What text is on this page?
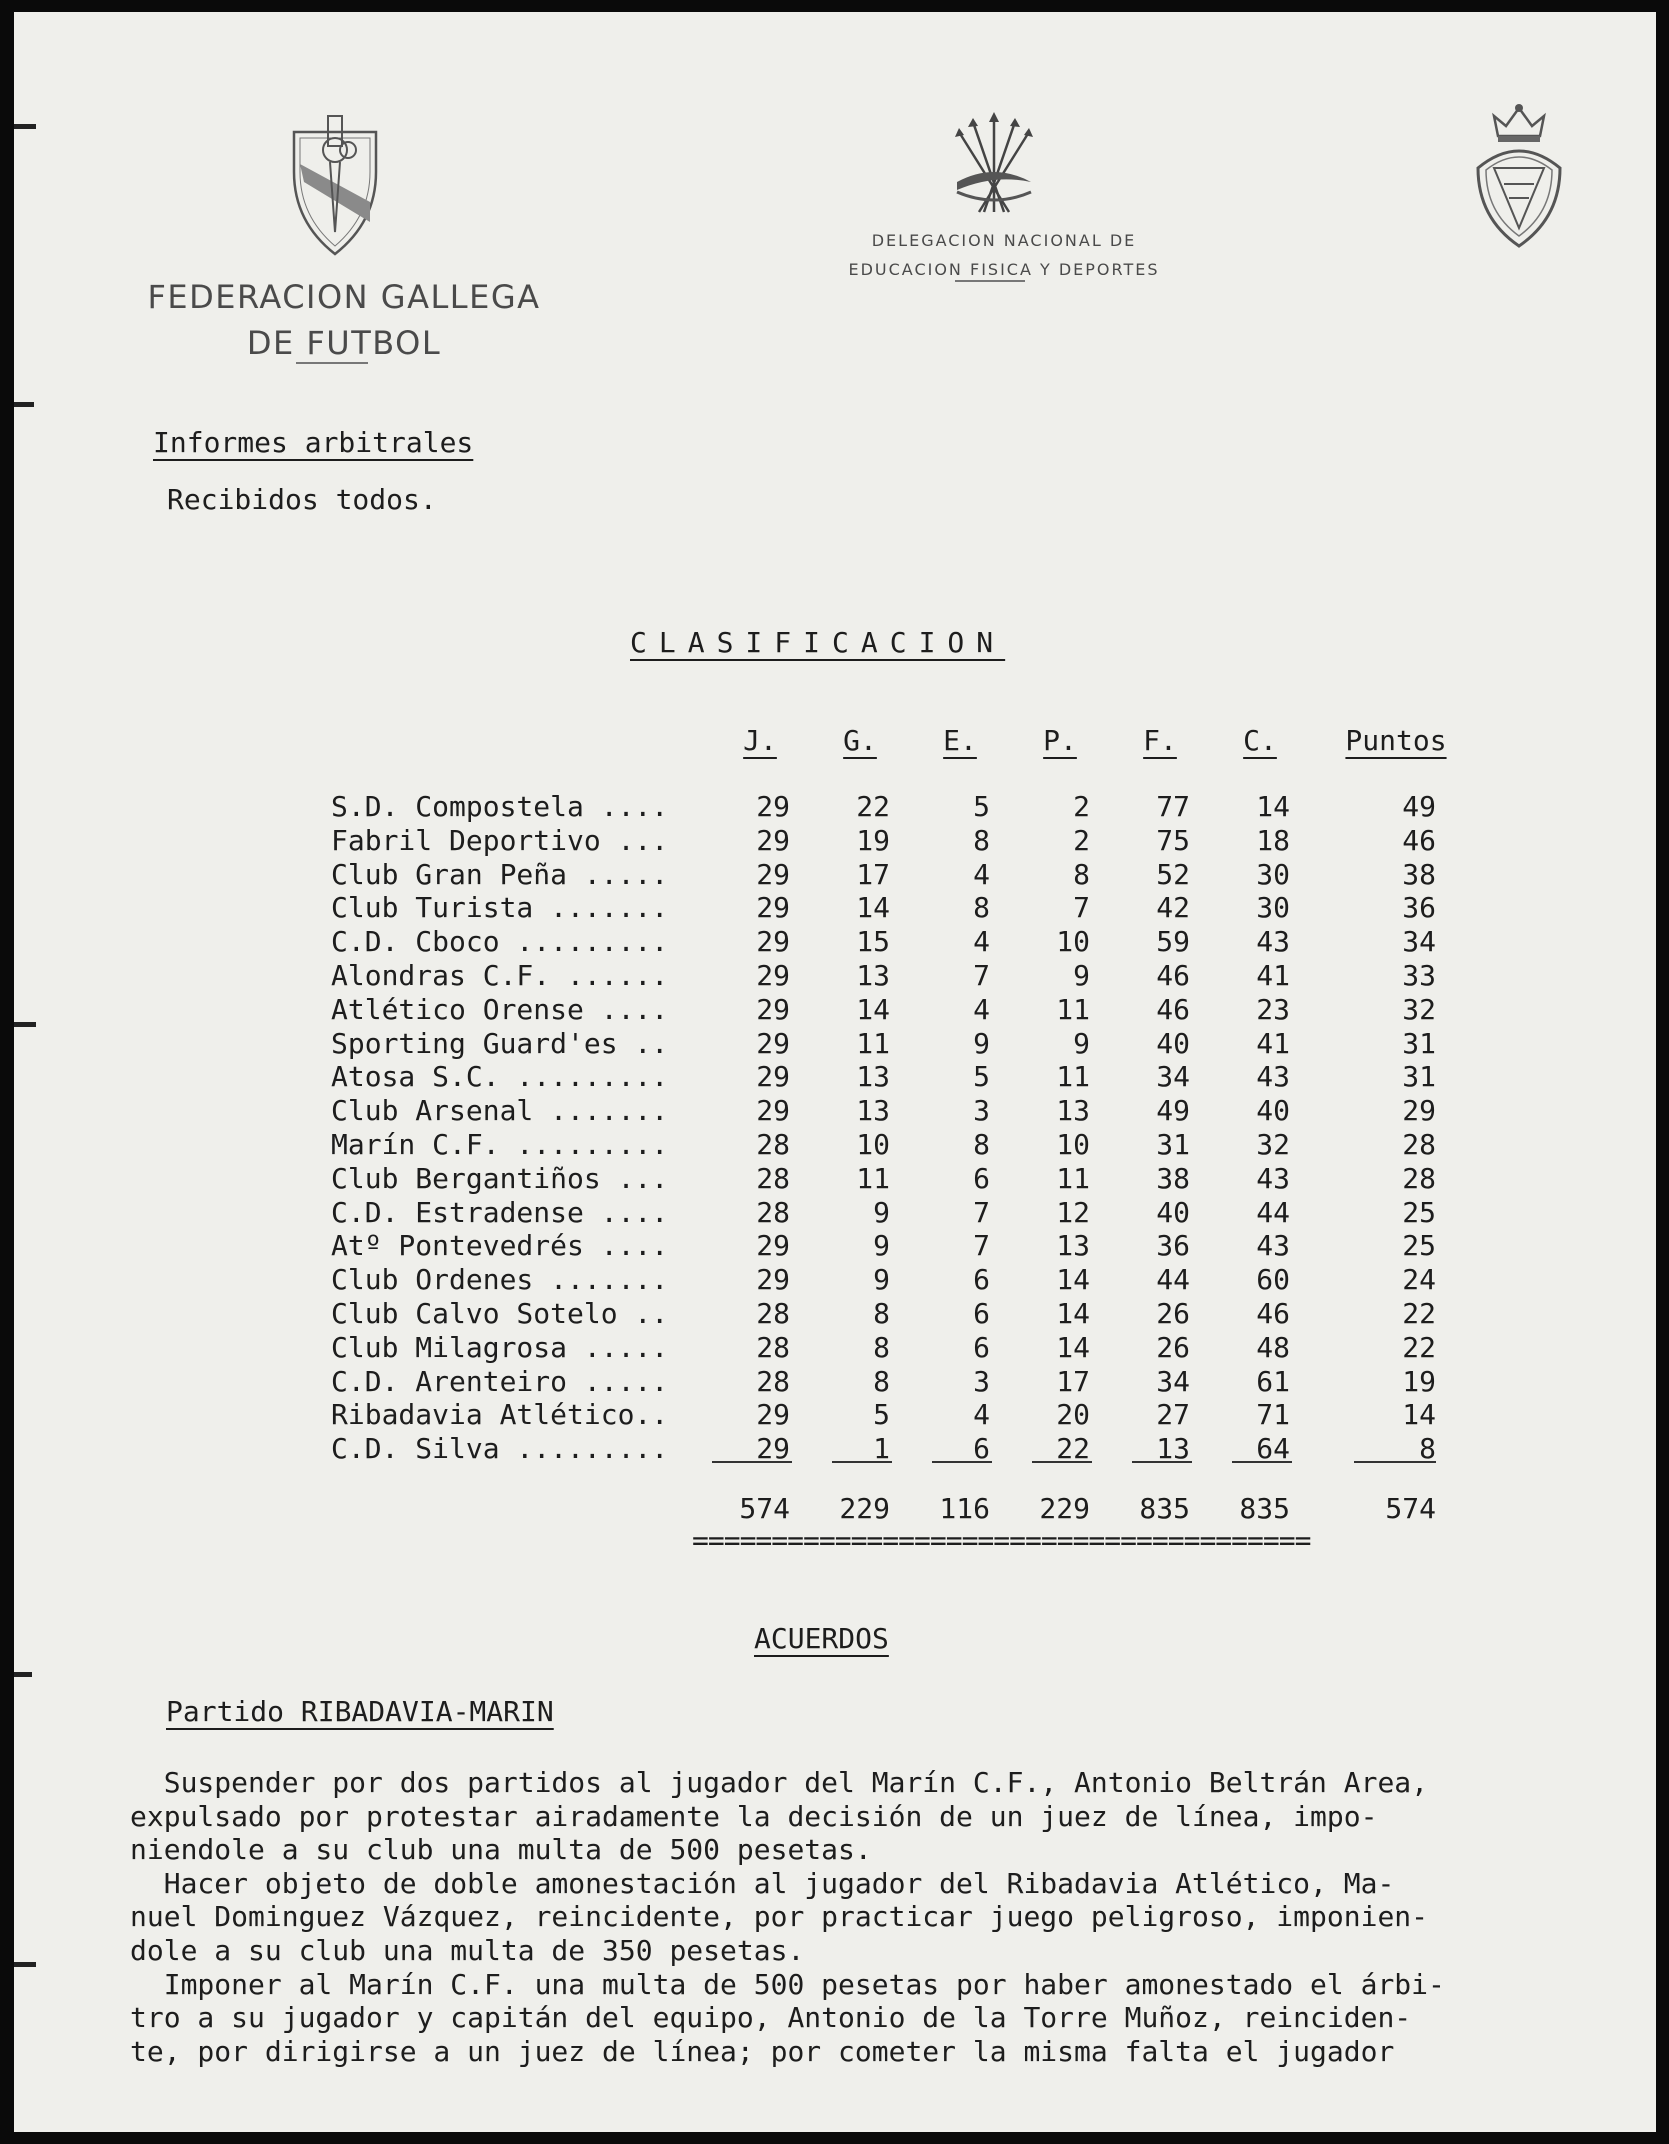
FEDERACION GALLEGA
DE FUTBOL
DELEGACION NACIONAL DE
EDUCACION FISICA Y DEPORTES
Informes arbitrales
Recibidos todos.
CLASIFICACION
J.	G.	E.	P.	F.	C.	Puntos
S.D. Compostela ....	29	22	5	2	77	14	49
Fabril Deportivo ...	29	19	8	2	75	18	46
Club Gran Peña .....	29	17	4	8	52	30	38
Club Turista .......	29	14	8	7	42	30	36
C.D. Cboco .........	29	15	4	10	59	43	34
Alondras C.F. ......	29	13	7	9	46	41	33
Atlético Orense ....	29	14	4	11	46	23	32
Sporting Guard'es ..	29	11	9	9	40	41	31
Atosa S.C. .........	29	13	5	11	34	43	31
Club Arsenal .......	29	13	3	13	49	40	29
Marín C.F. .........	28	10	8	10	31	32	28
Club Bergantiños ...	28	11	6	11	38	43	28
C.D. Estradense ....	28	9	7	12	40	44	25
Atº Pontevedrés ....	29	9	7	13	36	43	25
Club Ordenes .......	29	9	6	14	44	60	24
Club Calvo Sotelo ..	28	8	6	14	26	46	22
Club Milagrosa .....	28	8	6	14	26	48	22
C.D. Arenteiro .....	28	8	3	17	34	61	19
Ribadavia Atlético..	29	5	4	20	27	71	14
C.D. Silva .........	29	1	6	22	13	64	8
574	229	116	229	835	835	574
=======================================
ACUERDOS
Partido RIBADAVIA-MARIN
Suspender por dos partidos al jugador del Marín C.F., Antonio Beltrán Area,
expulsado por protestar airadamente la decisión de un juez de línea, impo-
niendole a su club una multa de 500 pesetas.
Hacer objeto de doble amonestación al jugador del Ribadavia Atlético, Ma-
nuel Dominguez Vázquez, reincidente, por practicar juego peligroso, imponien-
dole a su club una multa de 350 pesetas.
Imponer al Marín C.F. una multa de 500 pesetas por haber amonestado el árbi-
tro a su jugador y capitán del equipo, Antonio de la Torre Muñoz, reinciden-
te, por dirigirse a un juez de línea; por cometer la misma falta el jugador
